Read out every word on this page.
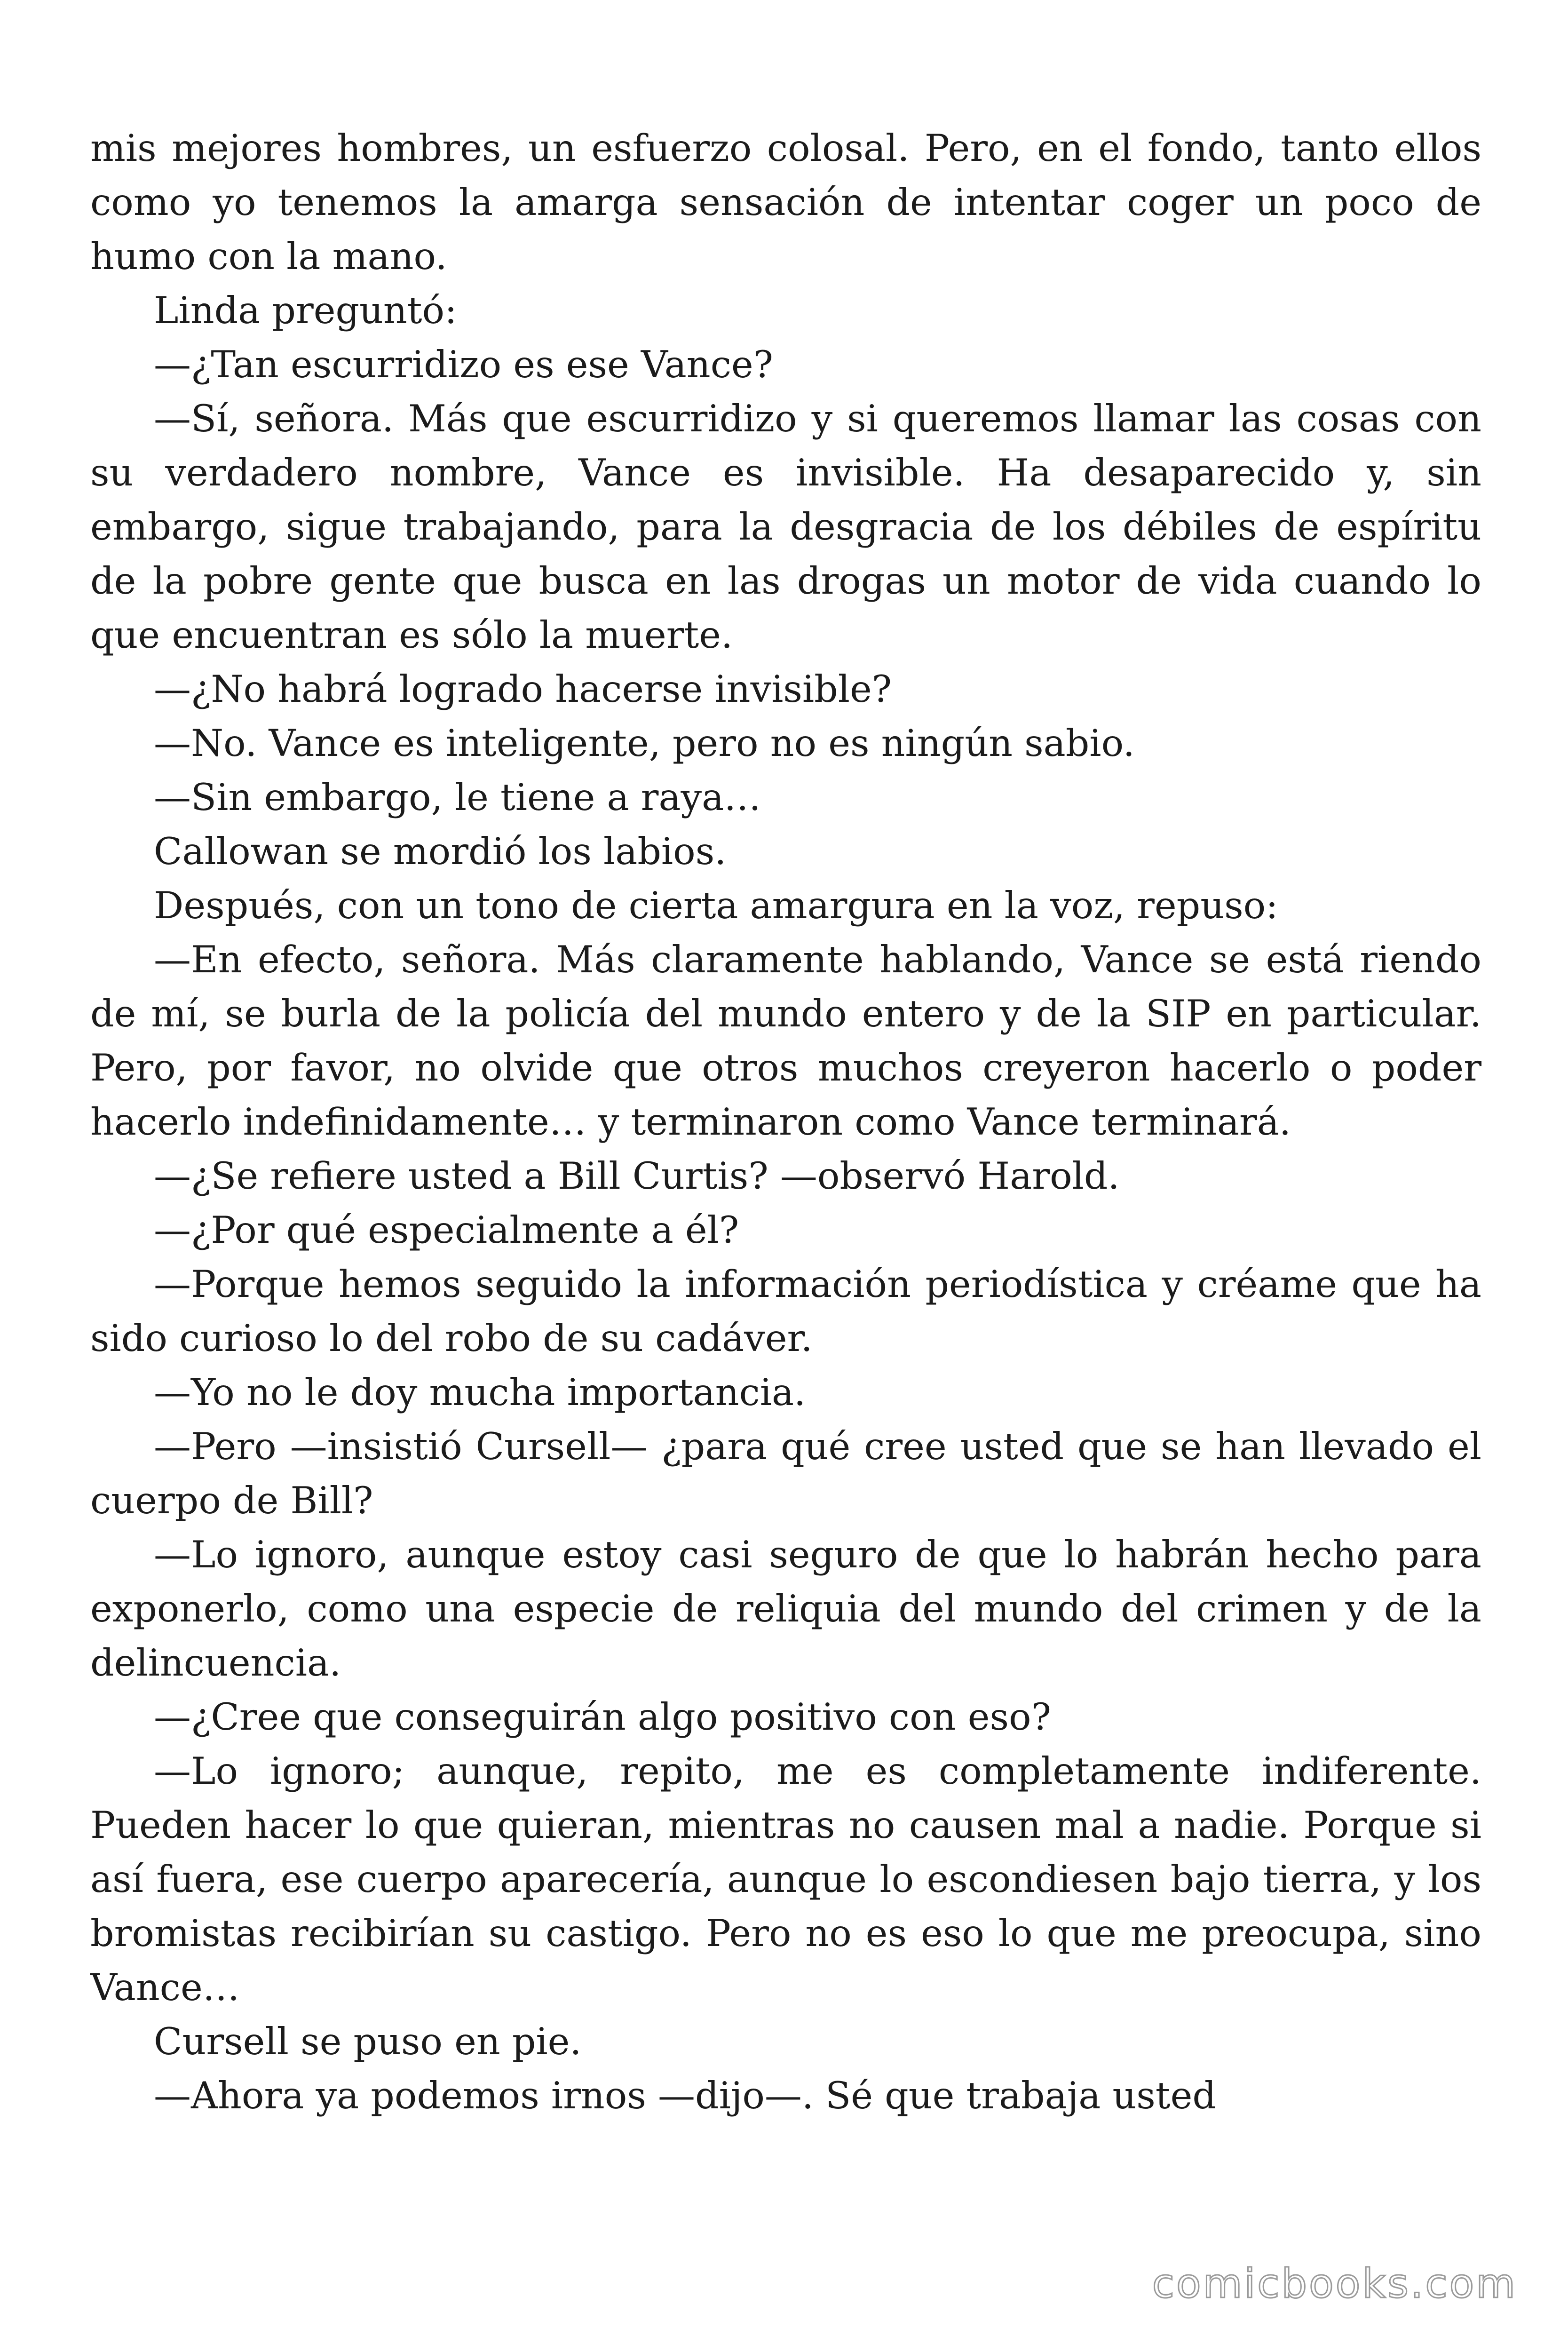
mis mejores hombres, un esfuerzo colosal. Pero, en el fondo, tanto ellos como yo tenemos la amarga sensación de intentar coger un poco de humo con la mano.

Linda preguntó:

—¿Tan escurridizo es ese Vance?

—Sí, señora. Más que escurridizo y si queremos llamar las cosas con su verdadero nombre, Vance es invisible. Ha desaparecido y, sin embargo, sigue trabajando, para la desgracia de los débiles de espíritu de la pobre gente que busca en las drogas un motor de vida cuando lo que encuentran es sólo la muerte.

—¿No habrá logrado hacerse invisible?

—No. Vance es inteligente, pero no es ningún sabio.

—Sin embargo, le tiene a raya…

Callowan se mordió los labios.

Después, con un tono de cierta amargura en la voz, repuso:

—En efecto, señora. Más claramente hablando, Vance se está riendo de mí, se burla de la policía del mundo entero y de la SIP en particular. Pero, por favor, no olvide que otros muchos creyeron hacerlo o poder hacerlo indefinidamente… y terminaron como Vance terminará.

—¿Se refiere usted a Bill Curtis? —observó Harold.

—¿Por qué especialmente a él?

—Porque hemos seguido la información periodística y créame que ha sido curioso lo del robo de su cadáver.

—Yo no le doy mucha importancia.

—Pero —insistió Cursell— ¿para qué cree usted que se han llevado el cuerpo de Bill?

—Lo ignoro, aunque estoy casi seguro de que lo habrán hecho para exponerlo, como una especie de reliquia del mundo del crimen y de la delincuencia.

—¿Cree que conseguirán algo positivo con eso?

—Lo ignoro; aunque, repito, me es completamente indiferente. Pueden hacer lo que quieran, mientras no causen mal a nadie. Porque si así fuera, ese cuerpo aparecería, aunque lo escondiesen bajo tierra, y los bromistas recibirían su castigo. Pero no es eso lo que me preocupa, sino Vance…

Cursell se puso en pie.

—Ahora ya podemos irnos —dijo—. Sé que trabaja usted

comicbooks.com
